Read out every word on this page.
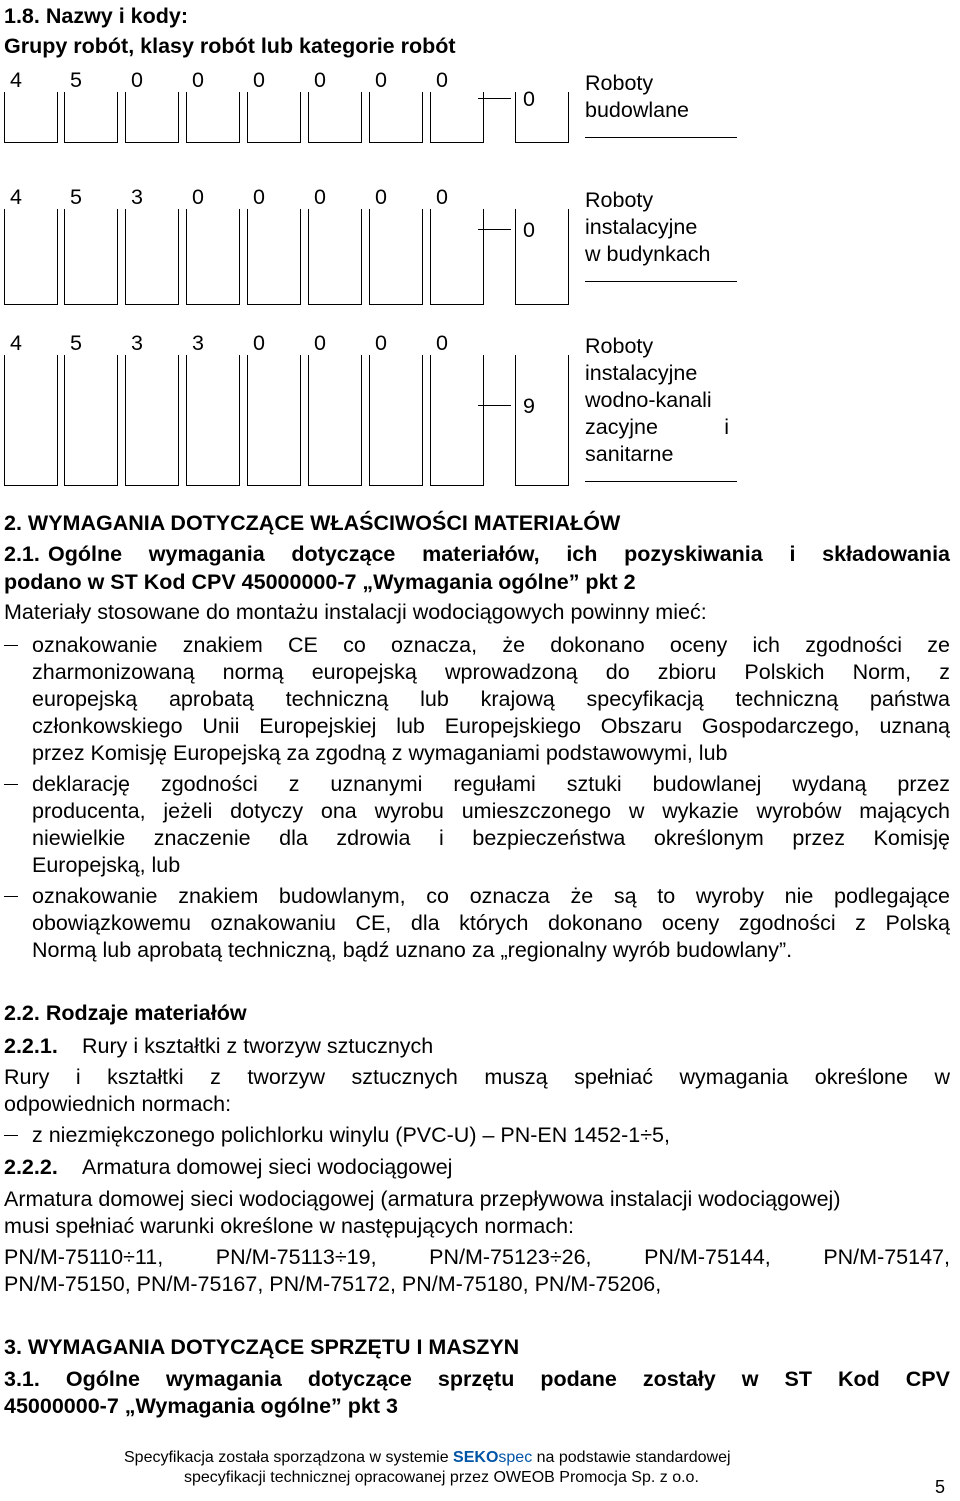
1.8. Nazwy i kody:
Grupy robót, klasy robót lub kategorie robót
4 5 0 0 0 0 0 0
0
Roboty
budowlane
4 5 3 0 0 0 0 0
0
Roboty
instalacyjne
w budynkach
4 5 3 3 0 0 0 0
9
Roboty
instalacyjne
wodno-kanali
zacyjne i
sanitarne
2. WYMAGANIA DOTYCZĄCE WŁAŚCIWOŚCI MATERIAŁÓW
2.1. Ogólne wymagania dotyczące materiałów, ich pozyskiwania i składowania
podano w ST Kod CPV 45000000-7 „Wymagania ogólne” pkt 2
Materiały stosowane do montażu instalacji wodociągowych powinny mieć:
oznakowanie znakiem CE co oznacza, że dokonano oceny ich zgodności ze
zharmonizowaną normą europejską wprowadzoną do zbioru Polskich Norm, z
europejską aprobatą techniczną lub krajową specyfikacją techniczną państwa
członkowskiego Unii Europejskiej lub Europejskiego Obszaru Gospodarczego, uznaną
przez Komisję Europejską za zgodną z wymaganiami podstawowymi, lub
deklarację zgodności z uznanymi regułami sztuki budowlanej wydaną przez
producenta, jeżeli dotyczy ona wyrobu umieszczonego w wykazie wyrobów mających
niewielkie znaczenie dla zdrowia i bezpieczeństwa określonym przez Komisję
Europejską, lub
oznakowanie znakiem budowlanym, co oznacza że są to wyroby nie podlegające
obowiązkowemu oznakowaniu CE, dla których dokonano oceny zgodności z Polską
Normą lub aprobatą techniczną, bądź uznano za „regionalny wyrób budowlany”.
2.2. Rodzaje materiałów
2.2.1. Rury i kształtki z tworzyw sztucznych
Rury i kształtki z tworzyw sztucznych muszą spełniać wymagania określone w
odpowiednich normach:
z niezmiękczonego polichlorku winylu (PVC-U) – PN-EN 1452-1÷5,
2.2.2. Armatura domowej sieci wodociągowej
Armatura domowej sieci wodociągowej (armatura przepływowa instalacji wodociągowej)
musi spełniać warunki określone w następujących normach:
PN/M-75110÷11, PN/M-75113÷19, PN/M-75123÷26, PN/M-75144, PN/M-75147,
PN/M-75150, PN/M-75167, PN/M-75172, PN/M-75180, PN/M-75206,
3. WYMAGANIA DOTYCZĄCE SPRZĘTU I MASZYN
3.1. Ogólne wymagania dotyczące sprzętu podane zostały w ST Kod CPV
45000000-7 „Wymagania ogólne” pkt 3
Specyfikacja została sporządzona w systemie SEKOspec na podstawie standardowej
specyfikacji technicznej opracowanej przez OWEOB Promocja Sp. z o.o.	5
